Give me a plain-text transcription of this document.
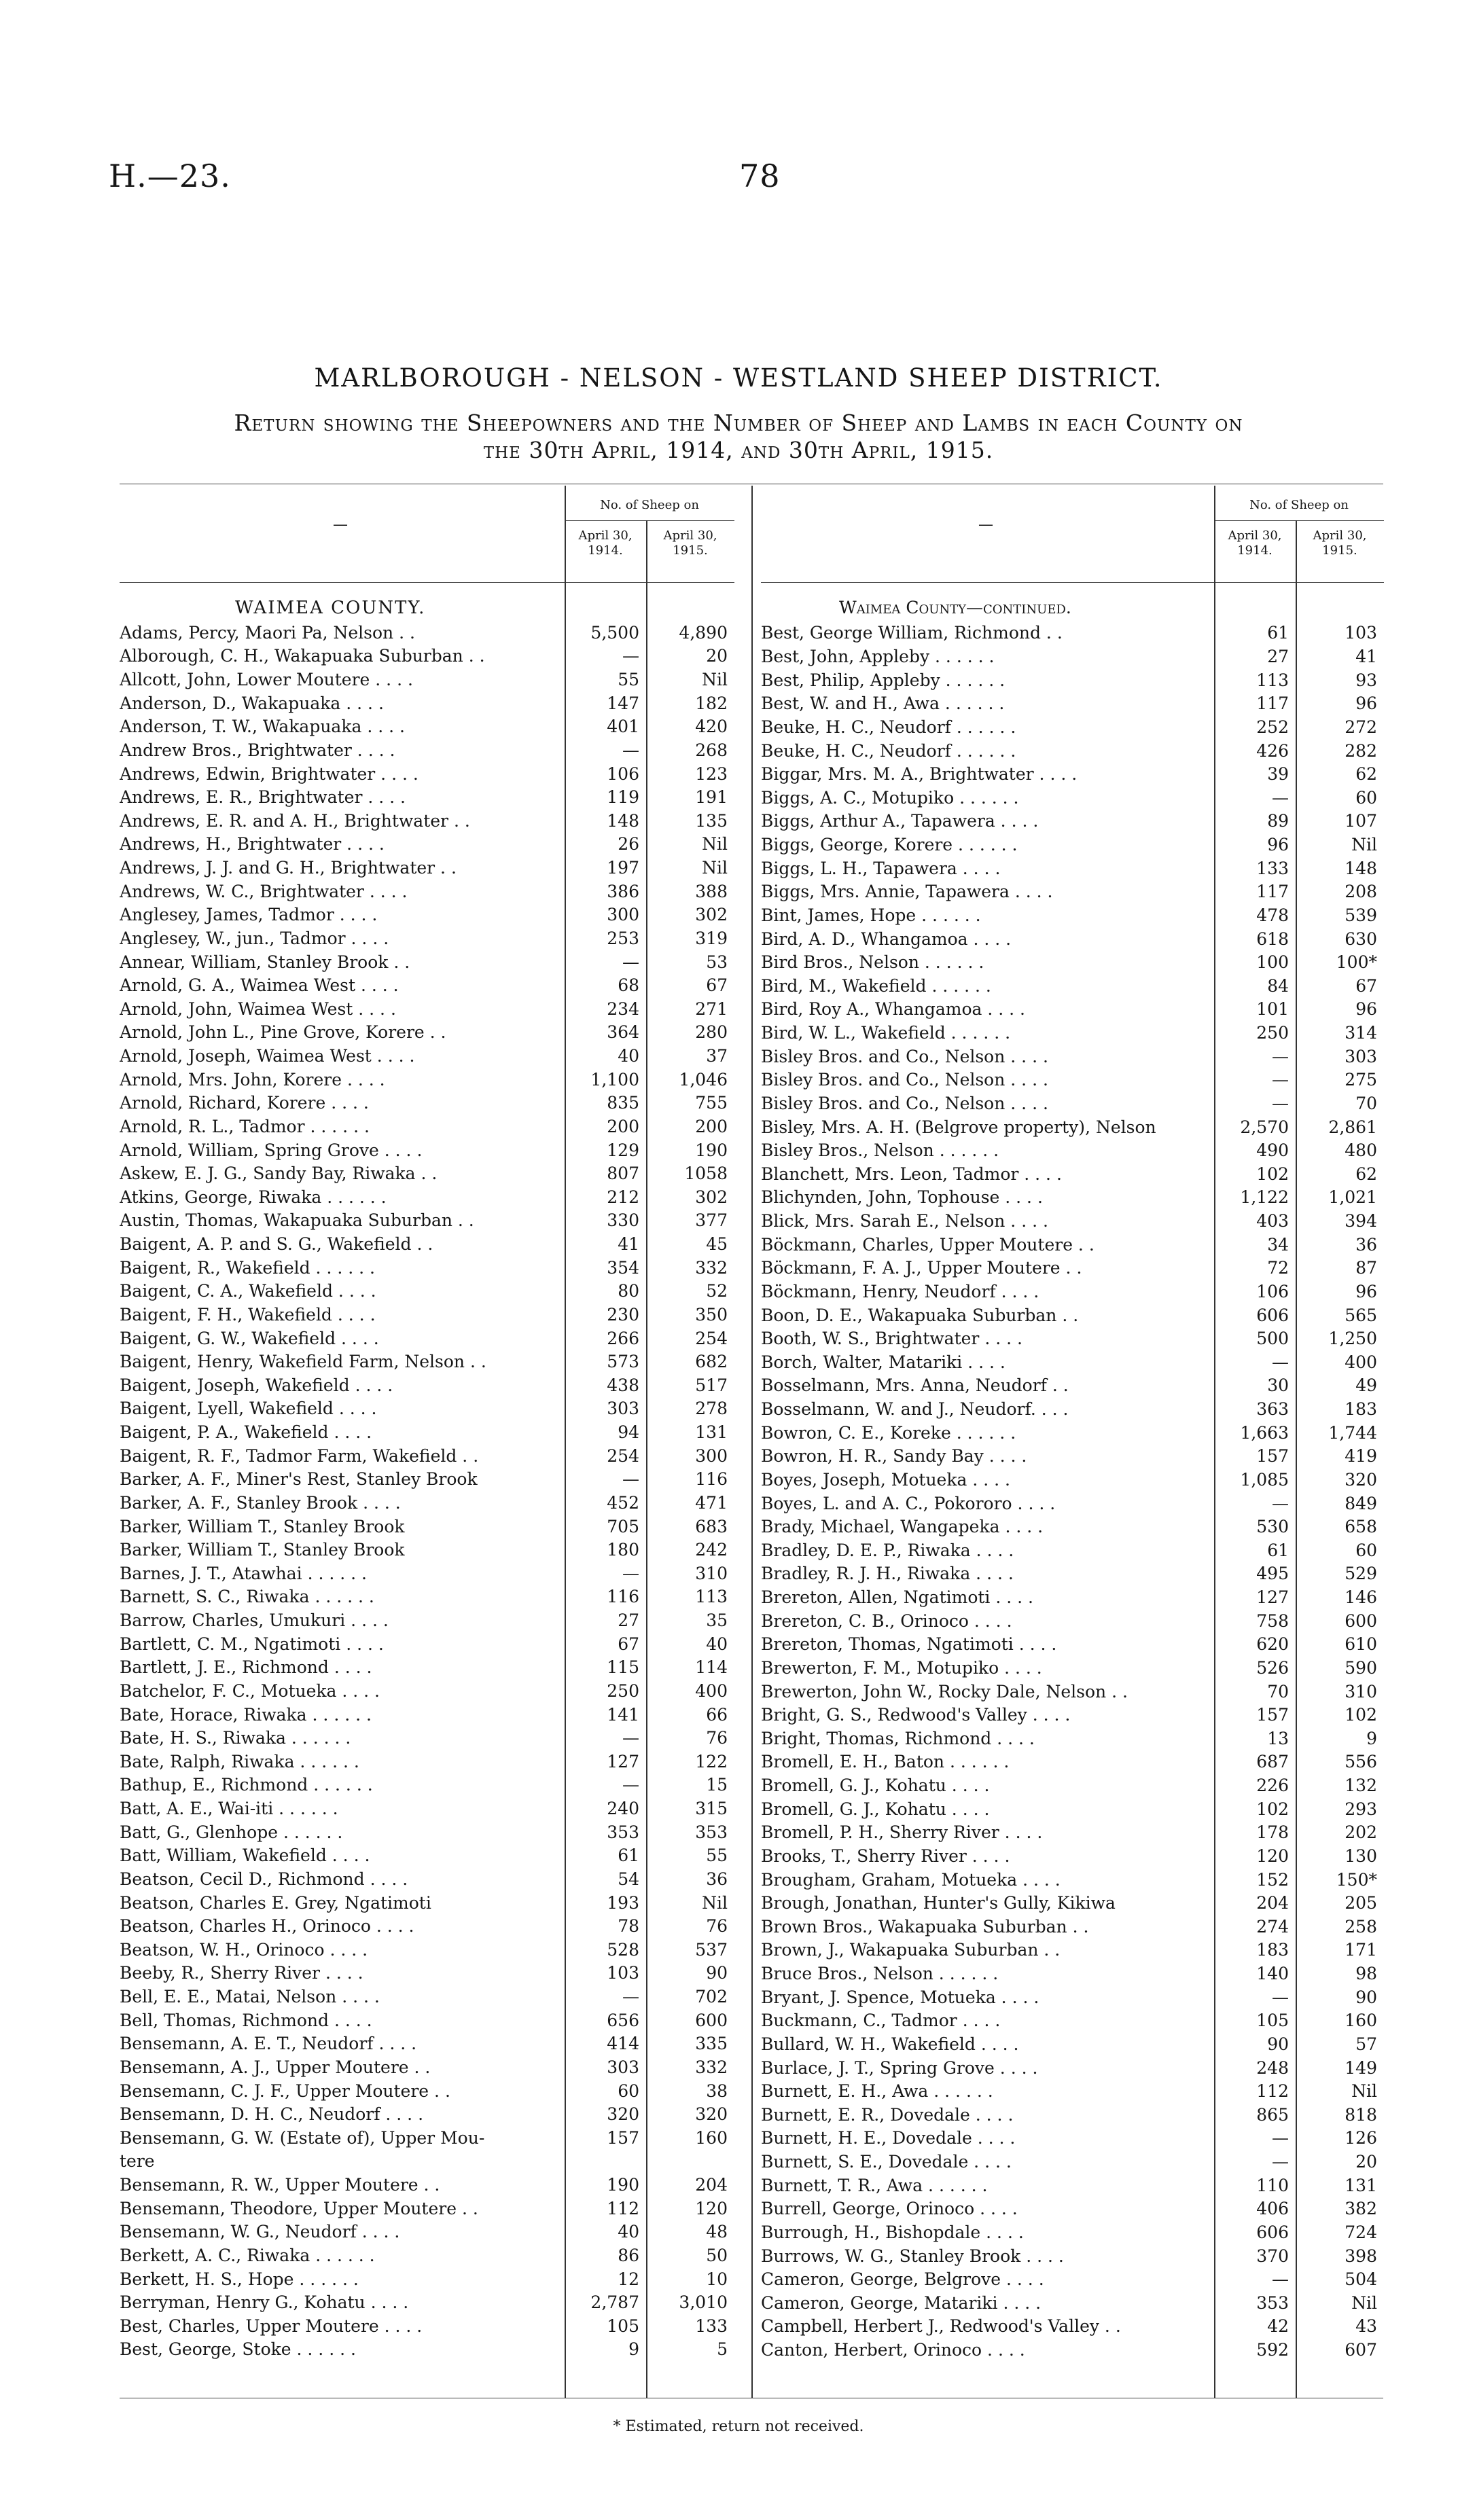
H.—23.	78
MARLBOROUGH - NELSON - WESTLAND SHEEP DISTRICT.
Return showing the Sheepowners and the Number of Sheep and Lambs in each County on
the 30th April, 1914, and 30th April, 1915.
—
No. of Sheep on
April 30, 1914.
April 30, 1915.
—
No. of Sheep on
April 30, 1914.
April 30, 1915.
WAIMEA COUNTY.
Adams, Percy, Maori Pa, Nelson . .	5,500	4,890
Alborough, C. H., Wakapuaka Suburban . .	—	20
Allcott, John, Lower Moutere . . . .	55	Nil
Anderson, D., Wakapuaka . . . .	147	182
Anderson, T. W., Wakapuaka . . . .	401	420
Andrew Bros., Brightwater . . . .	—	268
Andrews, Edwin, Brightwater . . . .	106	123
Andrews, E. R., Brightwater . . . .	119	191
Andrews, E. R. and A. H., Brightwater . .	148	135
Andrews, H., Brightwater . . . .	26	Nil
Andrews, J. J. and G. H., Brightwater . .	197	Nil
Andrews, W. C., Brightwater . . . .	386	388
Anglesey, James, Tadmor . . . .	300	302
Anglesey, W., jun., Tadmor . . . .	253	319
Annear, William, Stanley Brook . .	—	53
Arnold, G. A., Waimea West . . . .	68	67
Arnold, John, Waimea West . . . .	234	271
Arnold, John L., Pine Grove, Korere . .	364	280
Arnold, Joseph, Waimea West . . . .	40	37
Arnold, Mrs. John, Korere . . . .	1,100	1,046
Arnold, Richard, Korere . . . .	835	755
Arnold, R. L., Tadmor . . . . . .	200	200
Arnold, William, Spring Grove . . . .	129	190
Askew, E. J. G., Sandy Bay, Riwaka . .	807	1058
Atkins, George, Riwaka . . . . . .	212	302
Austin, Thomas, Wakapuaka Suburban . .	330	377
Baigent, A. P. and S. G., Wakefield . .	41	45
Baigent, R., Wakefield . . . . . .	354	332
Baigent, C. A., Wakefield . . . .	80	52
Baigent, F. H., Wakefield . . . .	230	350
Baigent, G. W., Wakefield . . . .	266	254
Baigent, Henry, Wakefield Farm, Nelson . .	573	682
Baigent, Joseph, Wakefield . . . .	438	517
Baigent, Lyell, Wakefield . . . .	303	278
Baigent, P. A., Wakefield . . . .	94	131
Baigent, R. F., Tadmor Farm, Wakefield . .	254	300
Barker, A. F., Miner's Rest, Stanley Brook	—	116
Barker, A. F., Stanley Brook . . . .	452	471
Barker, William T., Stanley Brook	705	683
Barker, William T., Stanley Brook	180	242
Barnes, J. T., Atawhai . . . . . .	—	310
Barnett, S. C., Riwaka . . . . . .	116	113
Barrow, Charles, Umukuri . . . .	27	35
Bartlett, C. M., Ngatimoti . . . .	67	40
Bartlett, J. E., Richmond . . . .	115	114
Batchelor, F. C., Motueka . . . .	250	400
Bate, Horace, Riwaka . . . . . .	141	66
Bate, H. S., Riwaka . . . . . .	—	76
Bate, Ralph, Riwaka . . . . . .	127	122
Bathup, E., Richmond . . . . . .	—	15
Batt, A. E., Wai-iti . . . . . .	240	315
Batt, G., Glenhope . . . . . .	353	353
Batt, William, Wakefield . . . .	61	55
Beatson, Cecil D., Richmond . . . .	54	36
Beatson, Charles E. Grey, Ngatimoti	193	Nil
Beatson, Charles H., Orinoco . . . .	78	76
Beatson, W. H., Orinoco . . . .	528	537
Beeby, R., Sherry River . . . .	103	90
Bell, E. E., Matai, Nelson . . . .	—	702
Bell, Thomas, Richmond . . . .	656	600
Bensemann, A. E. T., Neudorf . . . .	414	335
Bensemann, A. J., Upper Moutere . .	303	332
Bensemann, C. J. F., Upper Moutere . .	60	38
Bensemann, D. H. C., Neudorf . . . .	320	320
Bensemann, G. W. (Estate of), Upper Mou-	157	160
tere
Bensemann, R. W., Upper Moutere . .	190	204
Bensemann, Theodore, Upper Moutere . .	112	120
Bensemann, W. G., Neudorf . . . .	40	48
Berkett, A. C., Riwaka . . . . . .	86	50
Berkett, H. S., Hope . . . . . .	12	10
Berryman, Henry G., Kohatu . . . .	2,787	3,010
Best, Charles, Upper Moutere . . . .	105	133
Best, George, Stoke . . . . . .	9	5
Waimea County—continued.
Best, George William, Richmond . .	61	103
Best, John, Appleby . . . . . .	27	41
Best, Philip, Appleby . . . . . .	113	93
Best, W. and H., Awa . . . . . .	117	96
Beuke, H. C., Neudorf . . . . . .	252	272
Beuke, H. C., Neudorf . . . . . .	426	282
Biggar, Mrs. M. A., Brightwater . . . .	39	62
Biggs, A. C., Motupiko . . . . . .	—	60
Biggs, Arthur A., Tapawera . . . .	89	107
Biggs, George, Korere . . . . . .	96	Nil
Biggs, L. H., Tapawera . . . .	133	148
Biggs, Mrs. Annie, Tapawera . . . .	117	208
Bint, James, Hope . . . . . .	478	539
Bird, A. D., Whangamoa . . . .	618	630
Bird Bros., Nelson . . . . . .	100	100*
Bird, M., Wakefield . . . . . .	84	67
Bird, Roy A., Whangamoa . . . .	101	96
Bird, W. L., Wakefield . . . . . .	250	314
Bisley Bros. and Co., Nelson . . . .	—	303
Bisley Bros. and Co., Nelson . . . .	—	275
Bisley Bros. and Co., Nelson . . . .	—	70
Bisley, Mrs. A. H. (Belgrove property), Nelson	2,570	2,861
Bisley Bros., Nelson . . . . . .	490	480
Blanchett, Mrs. Leon, Tadmor . . . .	102	62
Blichynden, John, Tophouse . . . .	1,122	1,021
Blick, Mrs. Sarah E., Nelson . . . .	403	394
Böckmann, Charles, Upper Moutere . .	34	36
Böckmann, F. A. J., Upper Moutere . .	72	87
Böckmann, Henry, Neudorf . . . .	106	96
Boon, D. E., Wakapuaka Suburban . .	606	565
Booth, W. S., Brightwater . . . .	500	1,250
Borch, Walter, Matariki . . . .	—	400
Bosselmann, Mrs. Anna, Neudorf . .	30	49
Bosselmann, W. and J., Neudorf. . . .	363	183
Bowron, C. E., Koreke . . . . . .	1,663	1,744
Bowron, H. R., Sandy Bay . . . .	157	419
Boyes, Joseph, Motueka . . . .	1,085	320
Boyes, L. and A. C., Pokororo . . . .	—	849
Brady, Michael, Wangapeka . . . .	530	658
Bradley, D. E. P., Riwaka . . . .	61	60
Bradley, R. J. H., Riwaka . . . .	495	529
Brereton, Allen, Ngatimoti . . . .	127	146
Brereton, C. B., Orinoco . . . .	758	600
Brereton, Thomas, Ngatimoti . . . .	620	610
Brewerton, F. M., Motupiko . . . .	526	590
Brewerton, John W., Rocky Dale, Nelson . .	70	310
Bright, G. S., Redwood's Valley . . . .	157	102
Bright, Thomas, Richmond . . . .	13	9
Bromell, E. H., Baton . . . . . .	687	556
Bromell, G. J., Kohatu . . . .	226	132
Bromell, G. J., Kohatu . . . .	102	293
Bromell, P. H., Sherry River . . . .	178	202
Brooks, T., Sherry River . . . .	120	130
Brougham, Graham, Motueka . . . .	152	150*
Brough, Jonathan, Hunter's Gully, Kikiwa	204	205
Brown Bros., Wakapuaka Suburban . .	274	258
Brown, J., Wakapuaka Suburban . .	183	171
Bruce Bros., Nelson . . . . . .	140	98
Bryant, J. Spence, Motueka . . . .	—	90
Buckmann, C., Tadmor . . . .	105	160
Bullard, W. H., Wakefield . . . .	90	57
Burlace, J. T., Spring Grove . . . .	248	149
Burnett, E. H., Awa . . . . . .	112	Nil
Burnett, E. R., Dovedale . . . .	865	818
Burnett, H. E., Dovedale . . . .	—	126
Burnett, S. E., Dovedale . . . .	—	20
Burnett, T. R., Awa . . . . . .	110	131
Burrell, George, Orinoco . . . .	406	382
Burrough, H., Bishopdale . . . .	606	724
Burrows, W. G., Stanley Brook . . . .	370	398
Cameron, George, Belgrove . . . .	—	504
Cameron, George, Matariki . . . .	353	Nil
Campbell, Herbert J., Redwood's Valley . .	42	43
Canton, Herbert, Orinoco . . . .	592	607
* Estimated, return not received.
